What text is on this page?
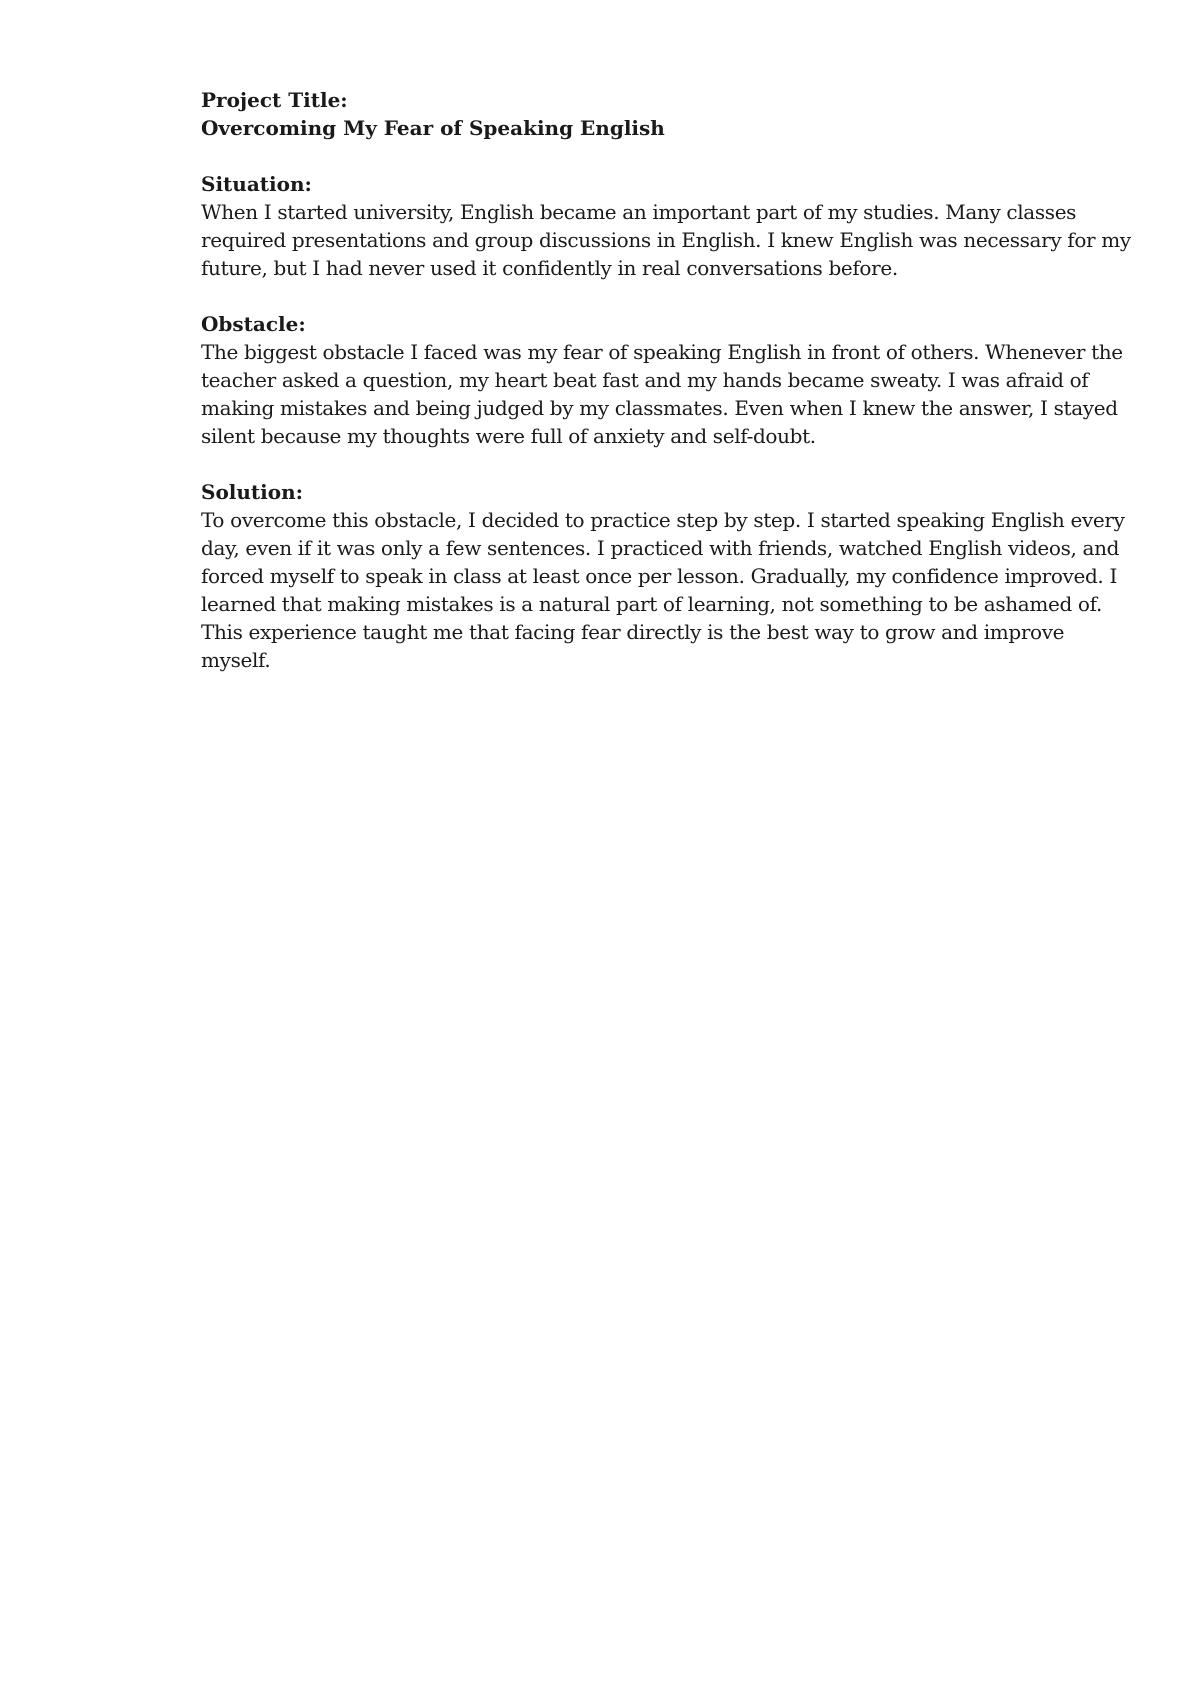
Project Title:
Overcoming My Fear of Speaking English
Situation:

When I started university, English became an important part of my studies. Many classes required presentations and group discussions in English. I knew English was necessary for my future, but I had never used it confidently in real conversations before.

Obstacle:

The biggest obstacle I faced was my fear of speaking English in front of others. Whenever the teacher asked a question, my heart beat fast and my hands became sweaty. I was afraid of making mistakes and being judged by my classmates. Even when I knew the answer, I stayed silent because my thoughts were full of anxiety and self-doubt.

Solution:

To overcome this obstacle, I decided to practice step by step. I started speaking English every day, even if it was only a few sentences. I practiced with friends, watched English videos, and forced myself to speak in class at least once per lesson. Gradually, my confidence improved. I learned that making mistakes is a natural part of learning, not something to be ashamed of. This experience taught me that facing fear directly is the best way to grow and improve myself.
